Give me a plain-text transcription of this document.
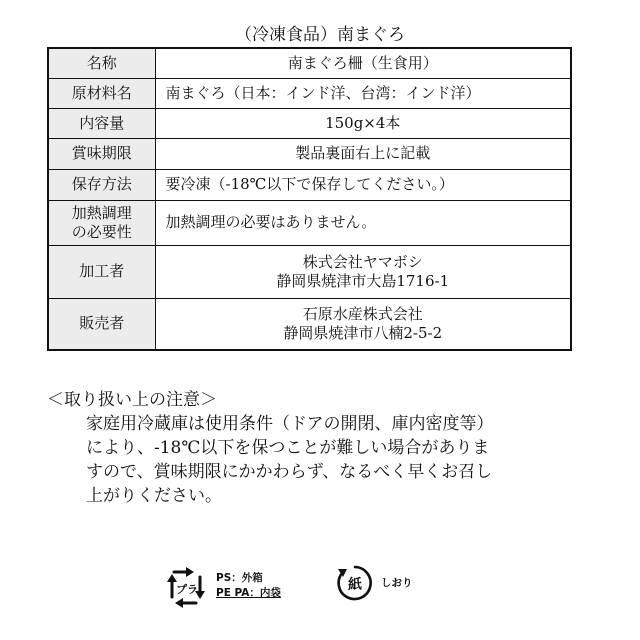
（冷凍食品）南まぐろ
名称	南まぐろ柵（生食用）
原材料名	南まぐろ（日本：インド洋、台湾：インド洋）
内容量	150g×4本
賞味期限	製品裏面右上に記載
保存方法	要冷凍（-18℃以下で保存してください。）

加熱調理
の必要性	加熱調理の必要はありません。
加工者	株式会社ヤマボシ
静岡県焼津市大島1716-1

販売者	石原水産株式会社
静岡県焼津市八楠2-5-2
＜取り扱い上の注意＞
家庭用冷蔵庫は使用条件（ドアの開閉、庫内密度等）
により、-18℃以下を保つことが難しい場合がありま
すので、賞味期限にかかわらず、なるべく早くお召し
上がりください。
プラ
PS：外箱
PE PA：内袋	紙 しおり
